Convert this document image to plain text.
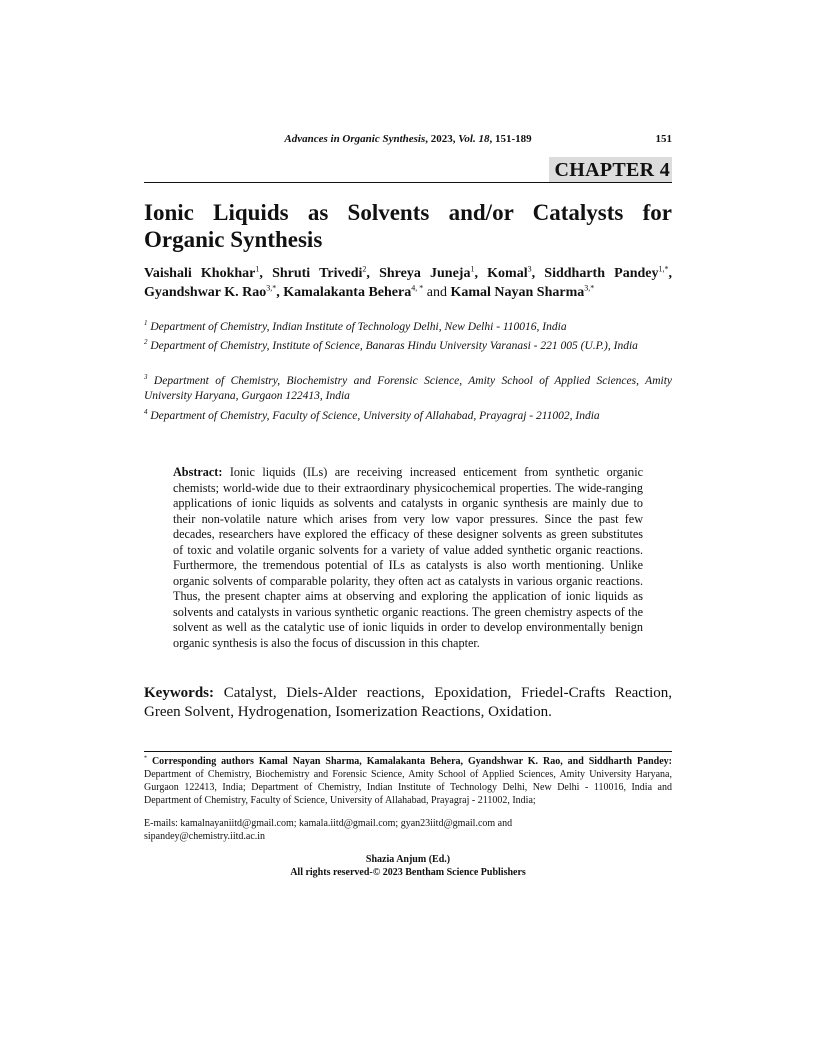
Advances in Organic Synthesis, 2023, Vol. 18, 151-189	151
CHAPTER 4
Ionic Liquids as Solvents and/or Catalysts for Organic Synthesis
Vaishali Khokhar$^1$, Shruti Trivedi$^2$, Shreya Juneja$^1$, Komal$^3$, Siddharth Pandey$^{1,*}$, Gyandshwar K. Rao$^{3,*}$, Kamalakanta Behera$^{4, *}$ and Kamal Nayan Sharma$^{3,*}$
$^1$ Department of Chemistry, Indian Institute of Technology Delhi, New Delhi - 110016, India
$^2$ Department of Chemistry, Institute of Science, Banaras Hindu University Varanasi - 221 005 (U.P.), India
$^3$ Department of Chemistry, Biochemistry and Forensic Science, Amity School of Applied Sciences, Amity University Haryana, Gurgaon 122413, India
$^4$ Department of Chemistry, Faculty of Science, University of Allahabad, Prayagraj - 211002, India
Abstract: Ionic liquids (ILs) are receiving increased enticement from synthetic organic chemists; world-wide due to their extraordinary physicochemical properties. The wide-ranging applications of ionic liquids as solvents and catalysts in organic synthesis are mainly due to their non-volatile nature which arises from very low vapor pressures. Since the past few decades, researchers have explored the efficacy of these designer solvents as green substitutes of toxic and volatile organic solvents for a variety of value added synthetic organic reactions. Furthermore, the tremendous potential of ILs as catalysts is also worth mentioning. Unlike organic solvents of comparable polarity, they often act as catalysts in various organic reactions. Thus, the present chapter aims at observing and exploring the application of ionic liquids as solvents and catalysts in various synthetic organic reactions. The green chemistry aspects of the solvent as well as the catalytic use of ionic liquids in order to develop environmentally benign organic synthesis is also the focus of discussion in this chapter.
Keywords: Catalyst, Diels-Alder reactions, Epoxidation, Friedel-Crafts Reaction, Green Solvent, Hydrogenation, Isomerization Reactions, Oxidation.
* Corresponding authors Kamal Nayan Sharma, Kamalakanta Behera, Gyandshwar K. Rao, and Siddharth Pandey: Department of Chemistry, Biochemistry and Forensic Science, Amity School of Applied Sciences, Amity University Haryana, Gurgaon 122413, India; Department of Chemistry, Indian Institute of Technology Delhi, New Delhi - 110016, India and Department of Chemistry, Faculty of Science, University of Allahabad, Prayagraj - 211002, India;
E-mails: kamalnayaniitd@gmail.com; kamala.iitd@gmail.com; gyan23iitd@gmail.com and
sipandey@chemistry.iitd.ac.in
Shazia Anjum (Ed.)
All rights reserved-© 2023 Bentham Science Publishers
